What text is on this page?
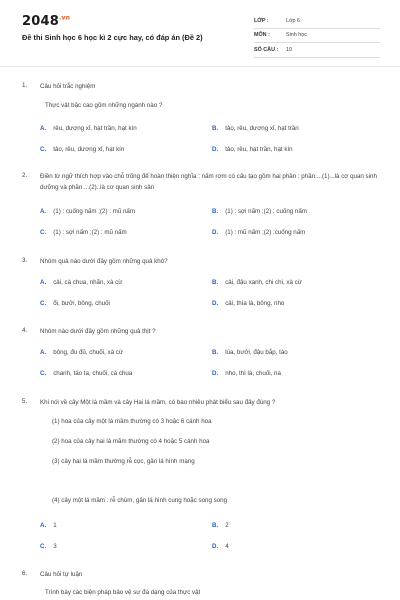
$2048^{.vn}$
Đề thi Sinh học 6 học kì 2 cực hay, có đáp án (Đề 2)
LỚP :	Lớp 6
MÔN :	Sinh học
SỐ CÂU :	10
1. Câu hỏi trắc nghiệm
Thực vật bậc cao gồm những ngành nào ?
A. rêu, dương xỉ, hạt trần, hạt kín	B. tảo, rêu, dương xỉ, hạt trần
C. tảo, rêu, dương xỉ, hạt kín	D. tảo, rêu, hạt trần, hạt kín
2. Điền từ ngữ thích hợp vào chỗ trống để hoàn thiện nghĩa : nấm rơm có cấu tạo gồm hai phần : phần....(1)...là cơ quan sinh dưỡng và phần ...(2)..là cơ quan sinh sản
A. (1) : cuống nấm ;(2) : mũ nấm	B. (1) : sợi nấm ;(2) : cuống nấm
C. (1) : sợi nấm ;(2) : mũ nấm	D. (1) : mũ nấm ;(2) :cuống nấm
3. Nhóm quả nào dưới đây gồm những quả khô?
A. cải, cà chua, nhãn, xà cừ	B. cải, đậu xanh, chi chi, xà cừ
C. ổi, bưởi, bông, chuối	D. cải, thìa là, bông, nho
4. Nhóm nào dưới đây gồm những quả thịt ?
A. bông, đu đủ, chuối, xà cừ	B. lúa, bưởi, đậu bắp, táo
C. chanh, táo ta, chuối, cà chua	D. nho, thì là, chuối, na
5. Khi nói về cây Một lá mầm và cây Hai lá mầm, có bao nhiêu phát biểu sau đây đúng ?
(1) hoa của cây một lá mầm thường có 3 hoặc 6 cánh hoa
(2) hoa của cây hai lá mầm thường có 4 hoặc 5 cánh hoa
(3) cây hai lá mầm thường rễ cọc, gân lá hình mạng
(4) cây một lá mầm : rễ chùm, gân lá hình cung hoặc song song
A. 1	B. 2
C. 3	D. 4
6. Câu hỏi tự luận
Trình bày các biện pháp bảo vệ sự đa dạng của thực vật
